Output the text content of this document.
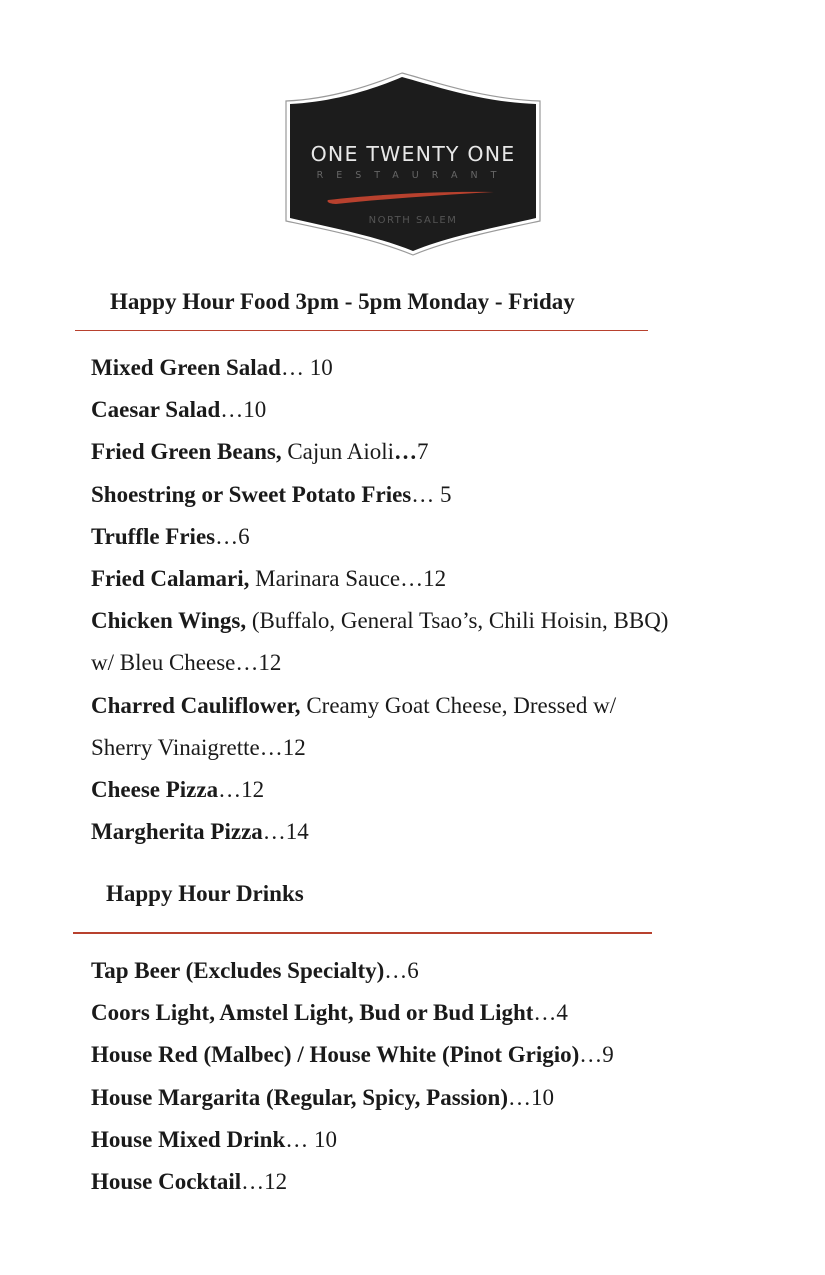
ONE TWENTY ONE
RESTAURANT
NORTH SALEM
Happy Hour Food 3pm - 5pm Monday - Friday
Mixed Green Salad… 10
Caesar Salad…10
Fried Green Beans, Cajun Aioli…7
Shoestring or Sweet Potato Fries… 5
Truffle Fries…6
Fried Calamari, Marinara Sauce…12
Chicken Wings, (Buffalo, General Tsao’s, Chili Hoisin, BBQ)
w/ Bleu Cheese…12
Charred Cauliflower, Creamy Goat Cheese, Dressed w/
Sherry Vinaigrette…12
Cheese Pizza…12
Margherita Pizza…14
Happy Hour Drinks
Tap Beer (Excludes Specialty)…6
Coors Light, Amstel Light, Bud or Bud Light…4
House Red (Malbec) / House White (Pinot Grigio)…9
House Margarita (Regular, Spicy, Passion)…10
House Mixed Drink… 10
House Cocktail…12
